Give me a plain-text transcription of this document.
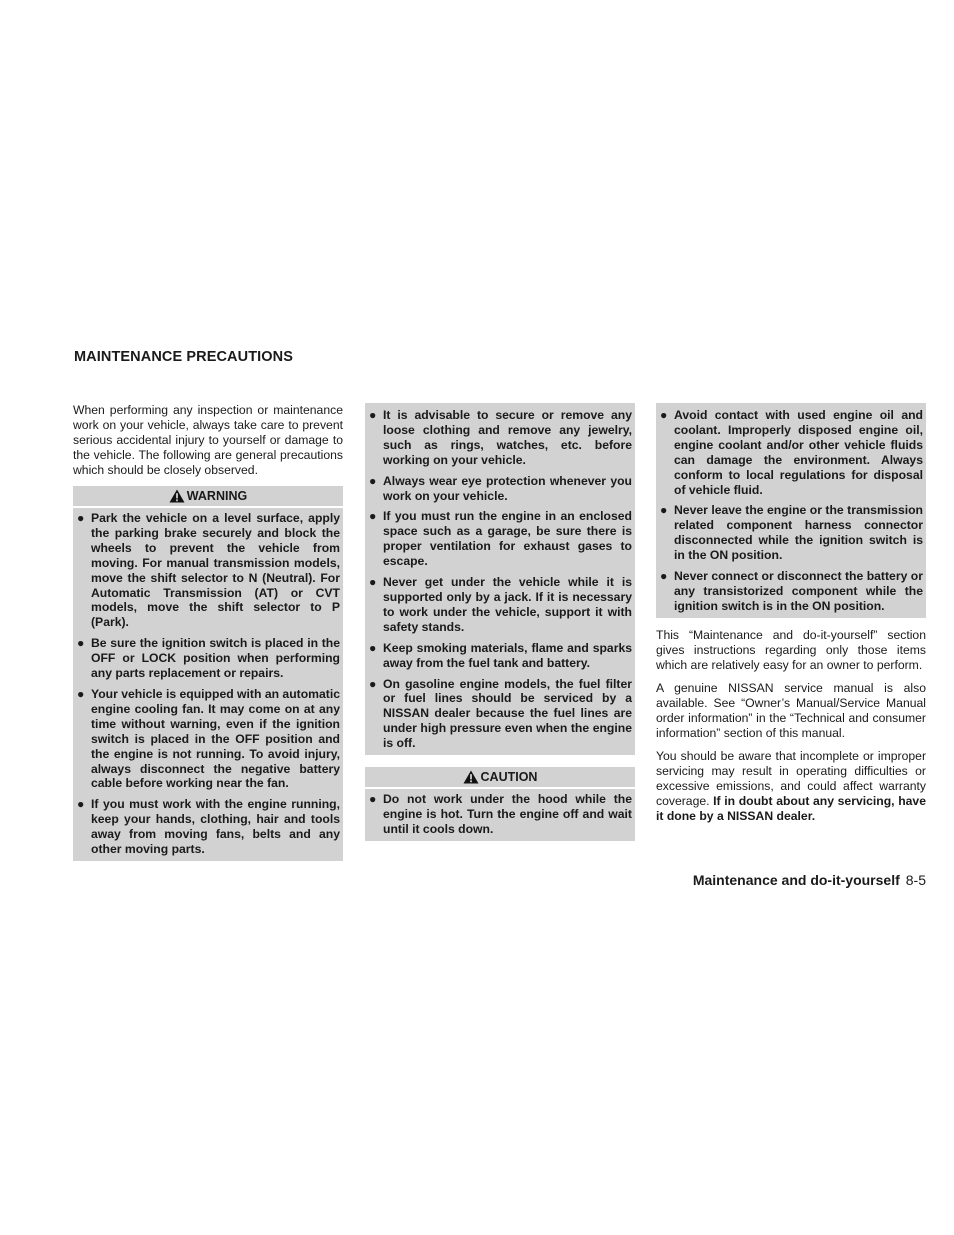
MAINTENANCE PRECAUTIONS

When performing any inspection or maintenance work on your vehicle, always take care to prevent serious accidental injury to yourself or damage to the vehicle. The following are general precautions which should be closely observed.

WARNING
● Park the vehicle on a level surface, apply the parking brake securely and block the wheels to prevent the vehicle from moving. For manual transmission models, move the shift selector to N (Neutral). For Automatic Transmission (AT) or CVT models, move the shift selector to P (Park).
● Be sure the ignition switch is placed in the OFF or LOCK position when performing any parts replacement or repairs.
● Your vehicle is equipped with an automatic engine cooling fan. It may come on at any time without warning, even if the ignition switch is placed in the OFF position and the engine is not running. To avoid injury, always disconnect the negative battery cable before working near the fan.
● If you must work with the engine running, keep your hands, clothing, hair and tools away from moving fans, belts and any other moving parts.
● It is advisable to secure or remove any loose clothing and remove any jewelry, such as rings, watches, etc. before working on your vehicle.
● Always wear eye protection whenever you work on your vehicle.
● If you must run the engine in an enclosed space such as a garage, be sure there is proper ventilation for exhaust gases to escape.
● Never get under the vehicle while it is supported only by a jack. If it is necessary to work under the vehicle, support it with safety stands.
● Keep smoking materials, flame and sparks away from the fuel tank and battery.
● On gasoline engine models, the fuel filter or fuel lines should be serviced by a NISSAN dealer because the fuel lines are under high pressure even when the engine is off.
CAUTION
● Do not work under the hood while the engine is hot. Turn the engine off and wait until it cools down.
● Avoid contact with used engine oil and coolant. Improperly disposed engine oil, engine coolant and/or other vehicle fluids can damage the environment. Always conform to local regulations for disposal of vehicle fluid.
● Never leave the engine or the transmission related component harness connector disconnected while the ignition switch is in the ON position.
● Never connect or disconnect the battery or any transistorized component while the ignition switch is in the ON position.

This “Maintenance and do-it-yourself” section gives instructions regarding only those items which are relatively easy for an owner to perform.

A genuine NISSAN service manual is also available. See “Owner’s Manual/Service Manual order information” in the “Technical and consumer information” section of this manual.

You should be aware that incomplete or improper servicing may result in operating difficulties or excessive emissions, and could affect warranty coverage. If in doubt about any servicing, have it done by a NISSAN dealer.

Maintenance and do-it-yourself 8-5
